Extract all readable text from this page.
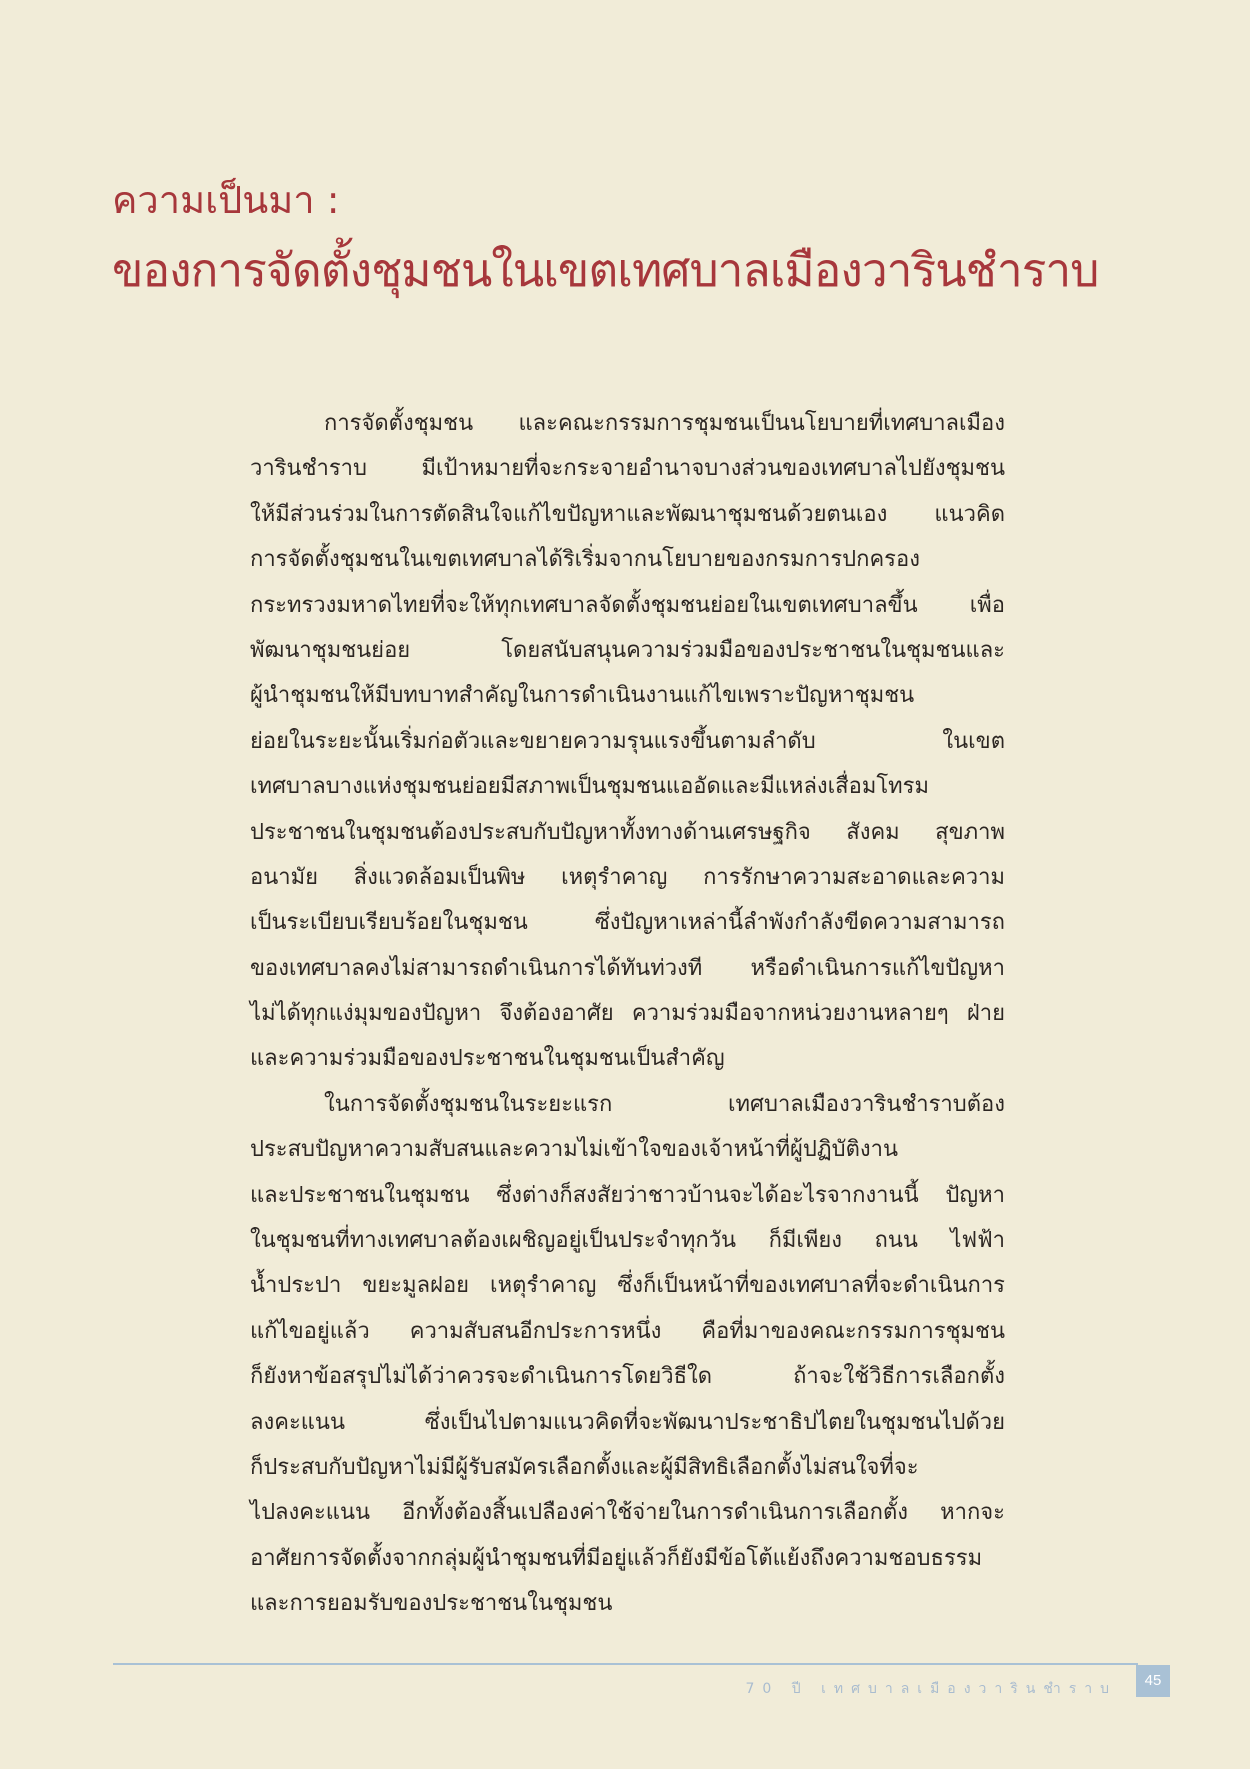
ความเป็นมา :
ของการจัดตั้งชุมชนในเขตเทศบาลเมืองวารินชำราบ

การจัดตั้งชุมชน และคณะกรรมการชุมชนเป็นนโยบายที่เทศบาลเมือง

วารินชำราบ มีเป้าหมายที่จะกระจายอำนาจบางส่วนของเทศบาลไปยังชุมชน

ให้มีส่วนร่วมในการตัดสินใจแก้ไขปัญหาและพัฒนาชุมชนด้วยตนเอง แนวคิด

การจัดตั้งชุมชนในเขตเทศบาลได้ริเริ่มจากนโยบายของกรมการปกครอง

กระทรวงมหาดไทยที่จะให้ทุกเทศบาลจัดตั้งชุมชนย่อยในเขตเทศบาลขึ้น เพื่อ

พัฒนาชุมชนย่อย โดยสนับสนุนความร่วมมือของประชาชนในชุมชนและ

ผู้นำชุมชนให้มีบทบาทสำคัญในการดำเนินงานแก้ไขเพราะปัญหาชุมชน

ย่อยในระยะนั้นเริ่มก่อตัวและขยายความรุนแรงขึ้นตามลำดับ ในเขต

เทศบาลบางแห่งชุมชนย่อยมีสภาพเป็นชุมชนแออัดและมีแหล่งเสื่อมโทรม

ประชาชนในชุมชนต้องประสบกับปัญหาทั้งทางด้านเศรษฐกิจ สังคม สุขภาพ

อนามัย สิ่งแวดล้อมเป็นพิษ เหตุรำคาญ การรักษาความสะอาดและความ

เป็นระเบียบเรียบร้อยในชุมชน ซึ่งปัญหาเหล่านี้ลำพังกำลังขีดความสามารถ

ของเทศบาลคงไม่สามารถดำเนินการได้ทันท่วงที หรือดำเนินการแก้ไขปัญหา

ไม่ได้ทุกแง่มุมของปัญหา จึงต้องอาศัย ความร่วมมือจากหน่วยงานหลายๆ ฝ่าย

และความร่วมมือของประชาชนในชุมชนเป็นสำคัญ

ในการจัดตั้งชุมชนในระยะแรก เทศบาลเมืองวารินชำราบต้อง

ประสบปัญหาความสับสนและความไม่เข้าใจของเจ้าหน้าที่ผู้ปฏิบัติงาน

และประชาชนในชุมชน ซึ่งต่างก็สงสัยว่าชาวบ้านจะได้อะไรจากงานนี้ ปัญหา

ในชุมชนที่ทางเทศบาลต้องเผชิญอยู่เป็นประจำทุกวัน ก็มีเพียง ถนน ไฟฟ้า

น้ำประปา ขยะมูลฝอย เหตุรำคาญ ซึ่งก็เป็นหน้าที่ของเทศบาลที่จะดำเนินการ

แก้ไขอยู่แล้ว ความสับสนอีกประการหนึ่ง คือที่มาของคณะกรรมการชุมชน

ก็ยังหาข้อสรุปไม่ได้ว่าควรจะดำเนินการโดยวิธีใด ถ้าจะใช้วิธีการเลือกตั้ง

ลงคะแนน ซึ่งเป็นไปตามแนวคิดที่จะพัฒนาประชาธิปไตยในชุมชนไปด้วย

ก็ประสบกับปัญหาไม่มีผู้รับสมัครเลือกตั้งและผู้มีสิทธิเลือกตั้งไม่สนใจที่จะ

ไปลงคะแนน อีกทั้งต้องสิ้นเปลืองค่าใช้จ่ายในการดำเนินการเลือกตั้ง หากจะ

อาศัยการจัดตั้งจากกลุ่มผู้นำชุมชนที่มีอยู่แล้วก็ยังมีข้อโต้แย้งถึงความชอบธรรม

และการยอมรับของประชาชนในชุมชน

70 ปี เทศบาลเมืองวารินชำราบ	45
